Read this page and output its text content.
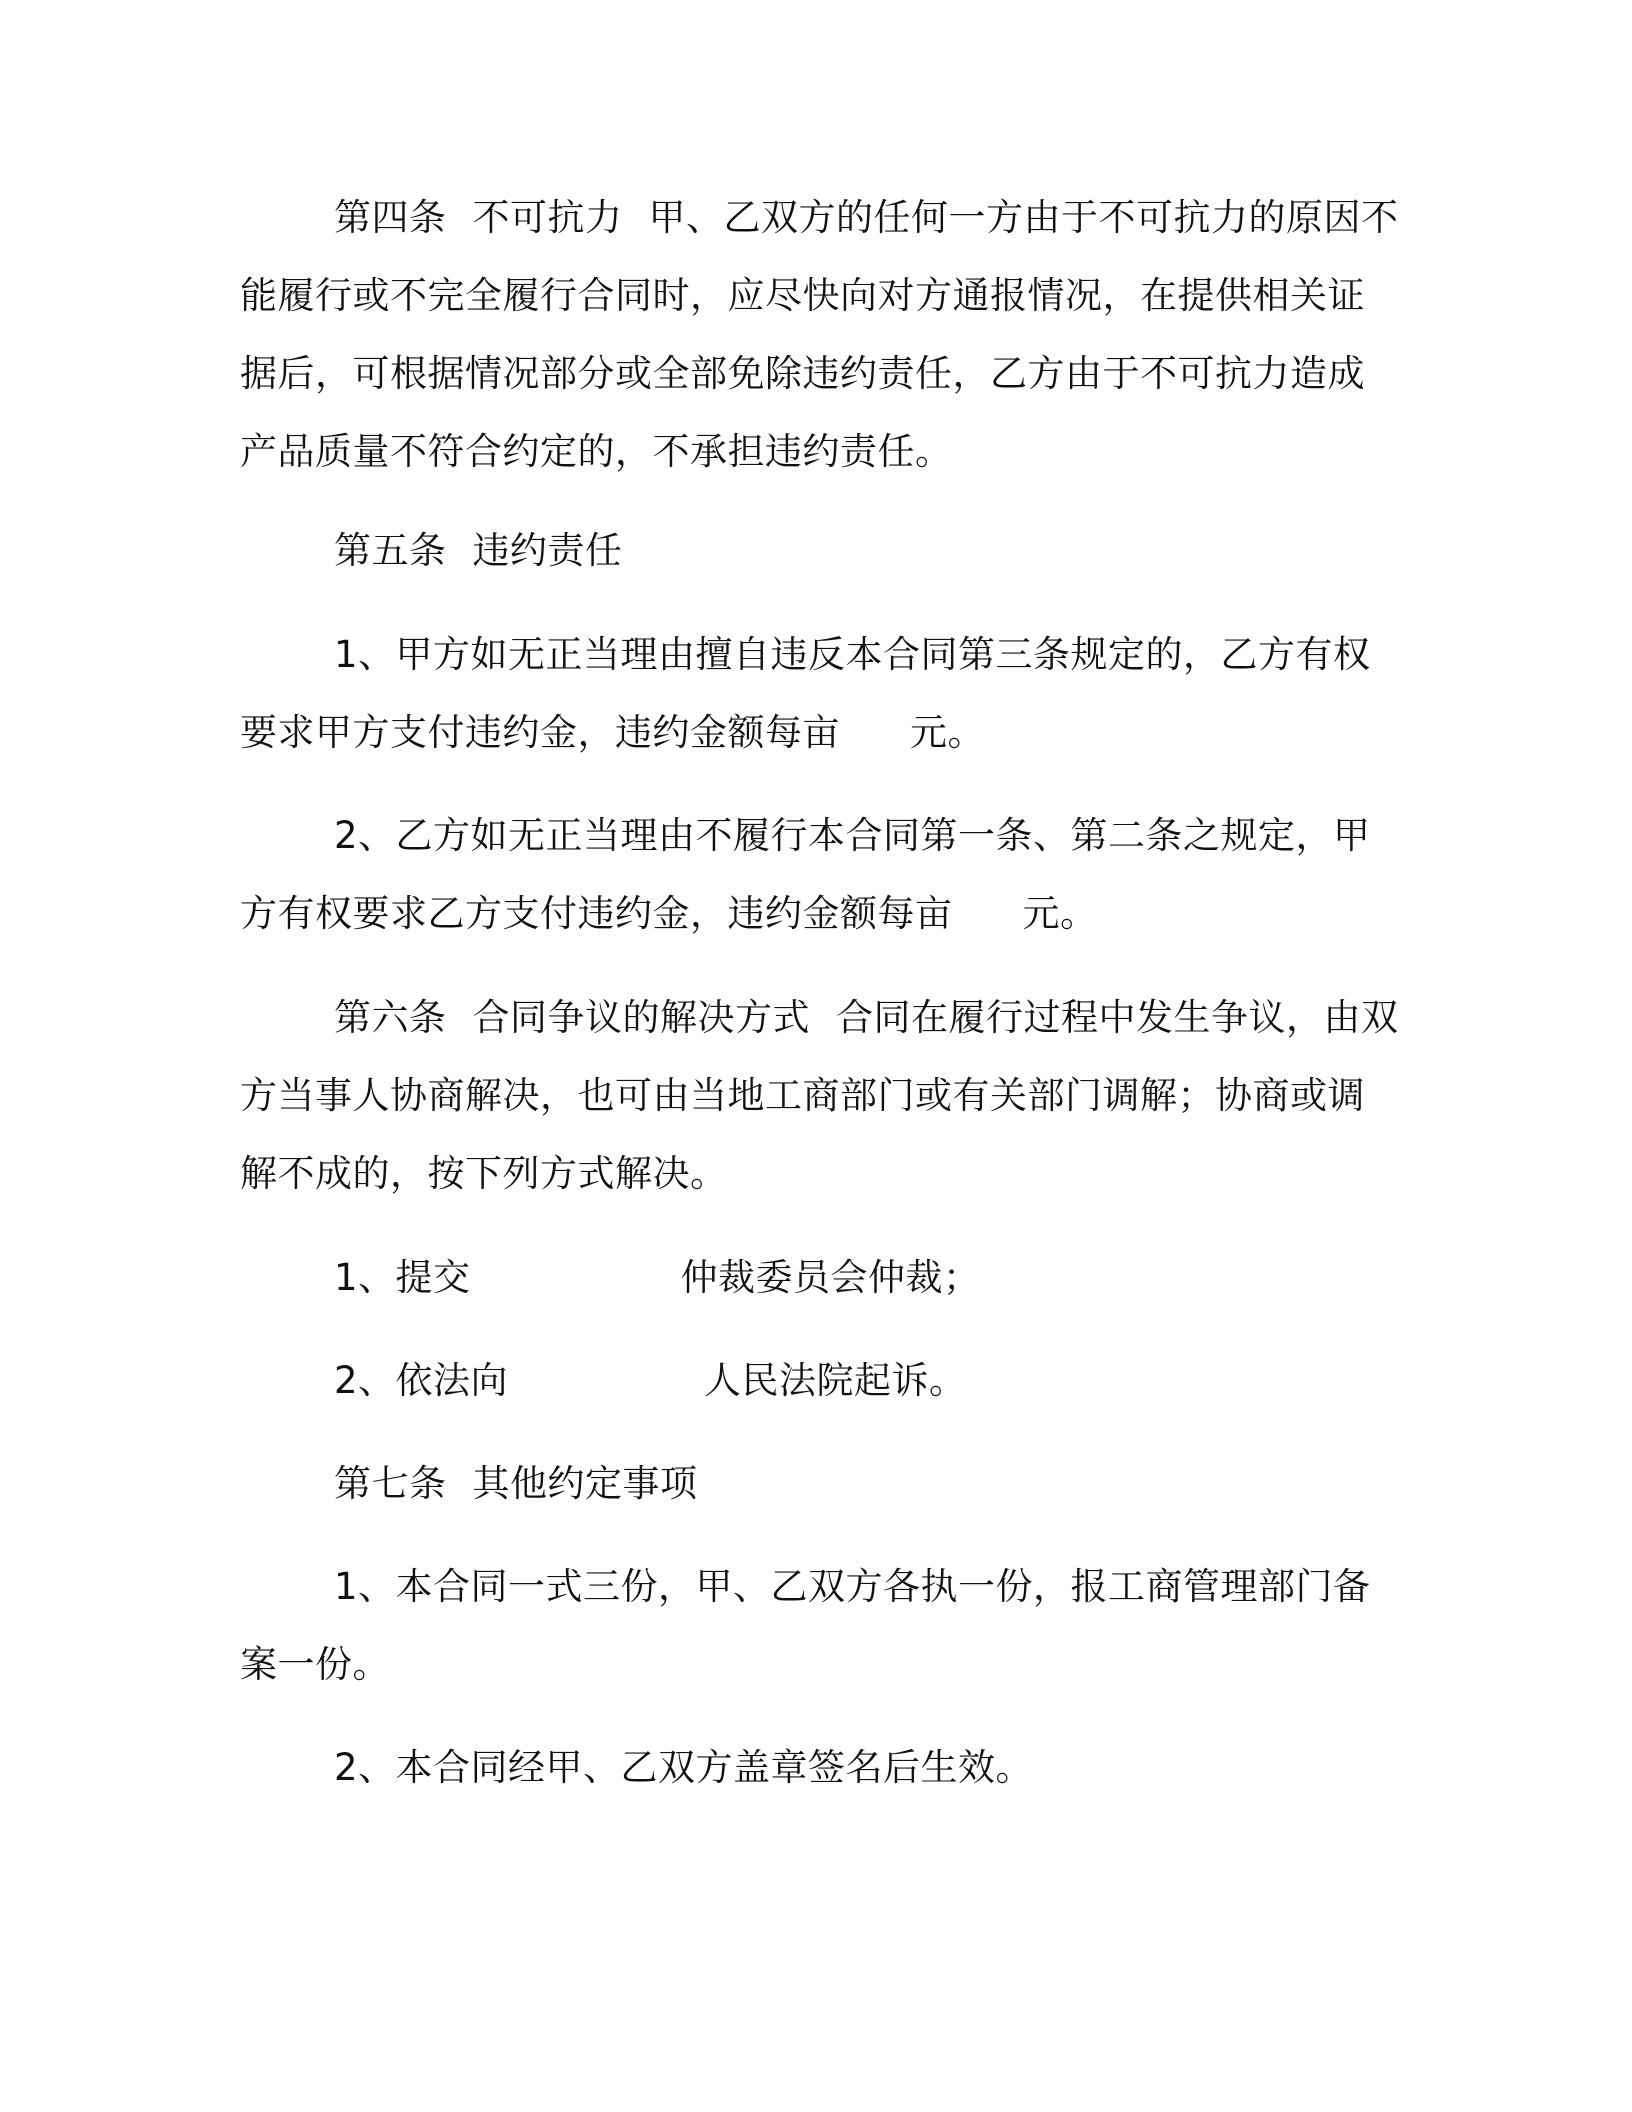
第四条 不可抗力 甲、乙双方的任何一方由于不可抗力的原因不

能履行或不完全履行合同时，应尽快向对方通报情况，在提供相关证

据后，可根据情况部分或全部免除违约责任，乙方由于不可抗力造成

产品质量不符合约定的，不承担违约责任。

第五条 违约责任

1、甲方如无正当理由擅自违反本合同第三条规定的，乙方有权

要求甲方支付违约金，违约金额每亩 元。

2、乙方如无正当理由不履行本合同第一条、第二条之规定，甲

方有权要求乙方支付违约金，违约金额每亩 元。

第六条 合同争议的解决方式 合同在履行过程中发生争议，由双

方当事人协商解决，也可由当地工商部门或有关部门调解；协商或调

解不成的，按下列方式解决。

1、提交	仲裁委员会仲裁；

2、依法向	人民法院起诉。

第七条 其他约定事项

1、本合同一式三份，甲、乙双方各执一份，报工商管理部门备

案一份。

2、本合同经甲、乙双方盖章签名后生效。
